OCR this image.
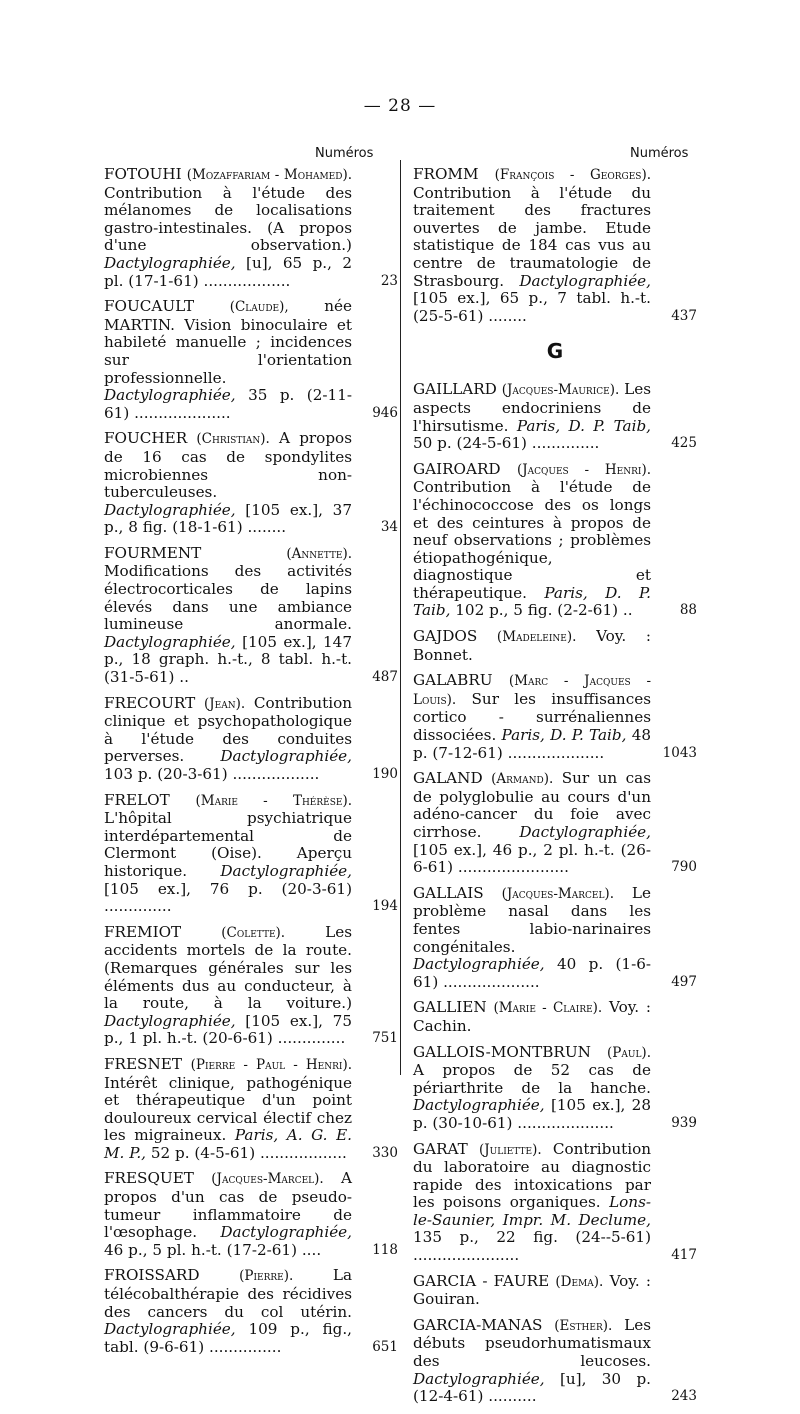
— 28 —
Numéros	Numéros
FOTOUHI (Mozaffariam - Mohamed). Contribution à l'étude des mélanomes de localisations gastro-intestinales. (A propos d'une observation.) Dactylographiée, [u], 65 p., 2 pl. (17-1-61) ..................	23
FOUCAULT	(Claude), née MARTIN. Vision binoculaire et habileté manuelle ; incidences sur l'orientation professionnelle. Dactylographiée, 35 p. (2-11-61) ....................	946
FOUCHER (Christian). A propos de 16 cas de spondylites microbiennes non-tuberculeuses. Dactylographiée, [105 ex.], 37 p., 8 fig. (18-1-61) ........	34
FOURMENT	(Annette). Modifications des activités électrocorticales de lapins élevés dans une ambiance lumineuse anormale. Dactylographiée, [105 ex.], 147 p., 18 graph. h.-t., 8 tabl. h.-t. (31-5-61) ..	487
FRECOURT (Jean). Contribution clinique et psychopathologique à l'étude des conduites perverses. Dactylographiée, 103 p. (20-3-61) ..................	190
FRELOT (Marie - Thérèse). L'hôpital psychiatrique interdépartemental de Clermont (Oise). Aperçu historique. Dactylographiée, [105 ex.], 76 p. (20-3-61) ..............	194
FREMIOT	(Colette).	Les accidents mortels de la route. (Remarques générales sur les éléments dus au conducteur, à la route, à la voiture.) Dactylographiée, [105 ex.], 75 p., 1 pl. h.-t. (20-6-61) ..............	751
FRESNET (Pierre - Paul - Henri). Intérêt clinique, pathogénique et thérapeutique d'un point douloureux cervical électif chez les migraineux. Paris, A. G. E. M. P., 52 p. (4-5-61) ..................	330
FRESQUET (Jacques-Marcel). A propos d'un cas de pseudo-tumeur inflammatoire de l'œsophage. Dactylographiée, 46 p., 5 pl. h.-t. (17-2-61) ....	118
FROISSARD	(Pierre).	La télécobalthérapie des récidives des cancers du col utérin. Dactylographiée, 109 p., fig., tabl. (9-6-61) ...............	651
FROMM (François - Georges). Contribution à l'étude du traitement des fractures ouvertes de jambe. Etude statistique de 184 cas vus au centre de traumatologie de Strasbourg. Dactylographiée, [105 ex.], 65 p., 7 tabl. h.-t. (25-5-61) ........	437
G
GAILLARD (Jacques-Maurice). Les aspects endocriniens de l'hirsutisme. Paris, D. P. Taib, 50 p. (24-5-61) ..............	425
GAIROARD (Jacques - Henri). Contribution à l'étude de l'échinococcose des os longs et des ceintures à propos de neuf observations ; problèmes étiopathogénique, diagnostique et thérapeutique. Paris, D. P. Taib, 102 p., 5 fig. (2-2-61) ..	88
GAJDOS (Madeleine). Voy. : Bonnet.
GALABRU (Marc - Jacques - Louis). Sur les insuffisances cortico - surrénaliennes dissociées. Paris, D. P. Taib, 48 p. (7-12-61) ....................	1043
GALAND (Armand). Sur un cas de polyglobulie au cours d'un adéno-cancer du foie avec cirrhose. Dactylographiée, [105 ex.], 46 p., 2 pl. h.-t. (26-6-61) .......................	790
GALLAIS (Jacques-Marcel). Le problème nasal dans les fentes labio-narinaires congénitales. Dactylographiée, 40 p. (1-6-61) ....................	497
GALLIEN (Marie - Claire). Voy. : Cachin.
GALLOIS-MONTBRUN (Paul). A propos de 52 cas de périarthrite de la hanche. Dactylographiée, [105 ex.], 28 p. (30-10-61) ....................	939
GARAT (Juliette). Contribution du laboratoire au diagnostic rapide des intoxications par les poisons organiques. Lons-le-Saunier, Impr. M. Declume, 135 p., 22 fig. (24--5-61) ......................	417
GARCIA - FAURE (Dema). Voy. : Gouiran.
GARCIA-MANAS (Esther). Les débuts pseudorhumatismaux des leucoses. Dactylographiée, [u], 30 p. (12-4-61) ..........	243
